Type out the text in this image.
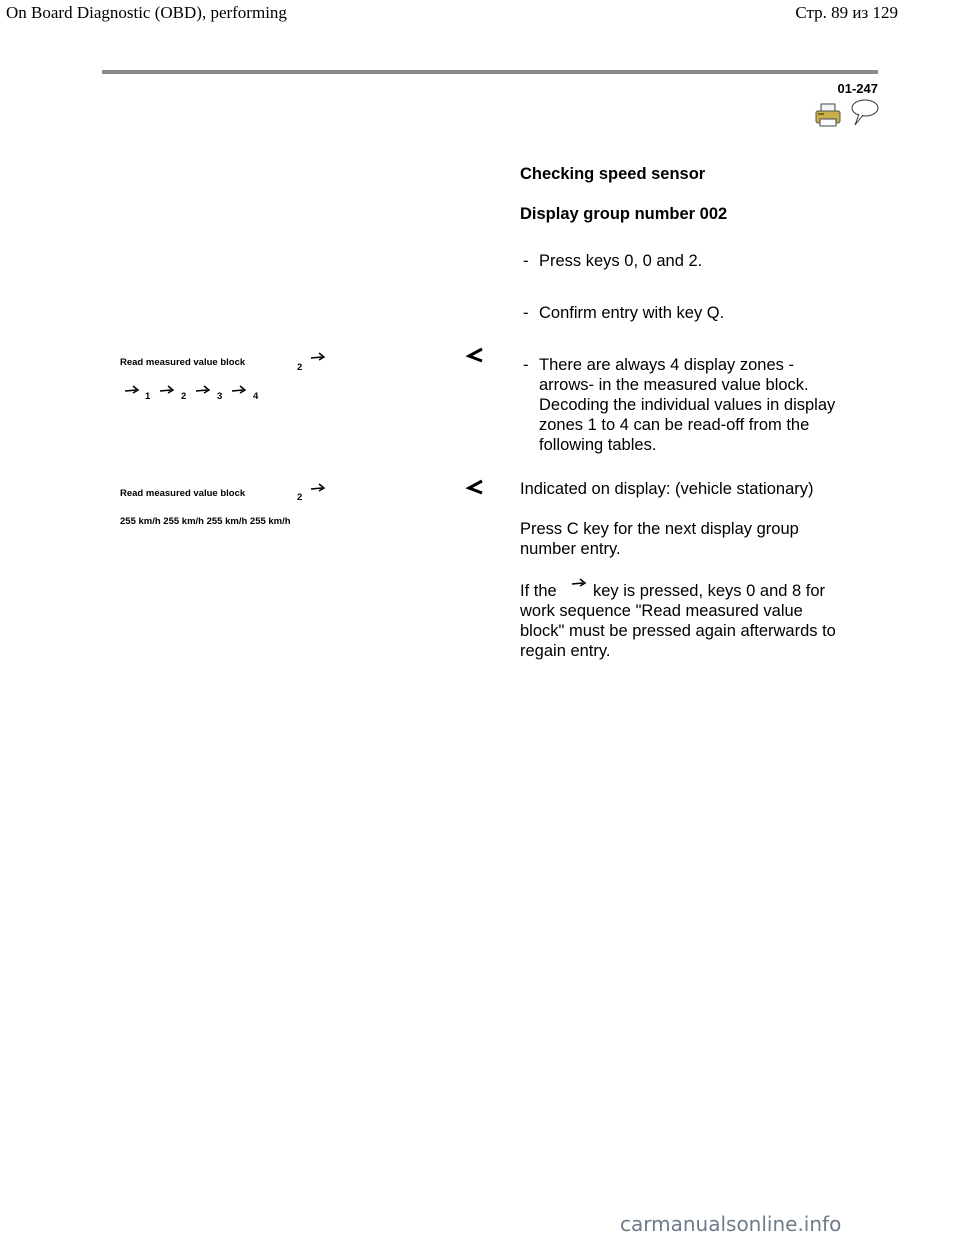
On Board Diagnostic (OBD), performing	Стр. 89 из 129
01-247
Checking speed sensor
Display group number 002
- Press keys 0, 0 and 2.
- Confirm entry with key Q.
- There are always 4 display zones -
arrows- in the measured value block.
Decoding the individual values in display
zones 1 to 4 can be read-off from the
following tables.
Read measured value block	2
1	2	3	4
Read measured value block	2
255 km/h 255 km/h 255 km/h 255 km/h
Indicated on display: (vehicle stationary)
Press C key for the next display group
number entry.
If the key is pressed, keys 0 and 8 for
work sequence "Read measured value
block" must be pressed again afterwards to
regain entry.
carmanualsonline.info
